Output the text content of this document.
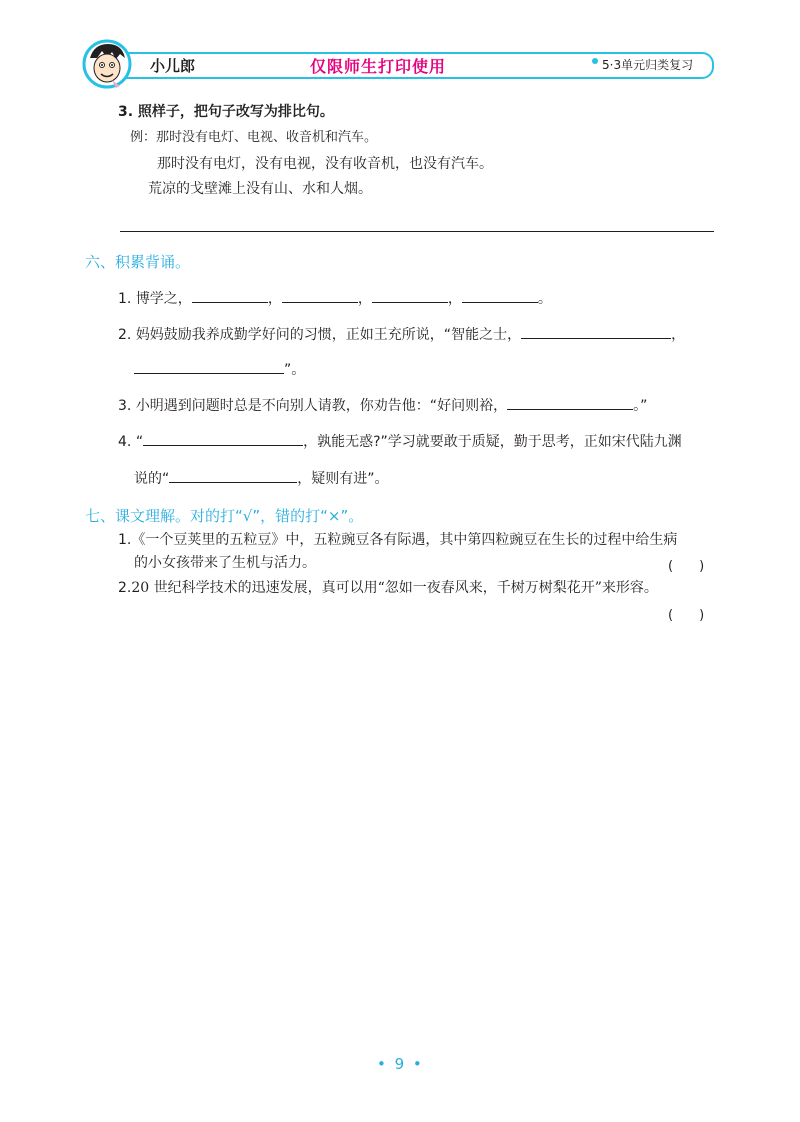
小儿郎	仅限师生打印使用	5·3单元归类复习
3. 照样子，把句子改写为排比句。
例：那时没有电灯、电视、收音机和汽车。
那时没有电灯，没有电视，没有收音机，也没有汽车。
荒凉的戈壁滩上没有山、水和人烟。
六、积累背诵。
1. 博学之，	，	，	，	。
2. 妈妈鼓励我养成勤学好问的习惯，正如王充所说，“智能之士，	，
”。
3. 小明遇到问题时总是不向别人请教，你劝告他：“好问则裕，	。”
4. “	，孰能无惑?”学习就要敢于质疑，勤于思考，正如宋代陆九渊
说的“	，疑则有进”。
七、课文理解。对的打“√”，错的打“×”。
1.《一个豆荚里的五粒豆》中，五粒豌豆各有际遇，其中第四粒豌豆在生长的过程中给生病
的小女孩带来了生机与活力。	(　　)
2.20 世纪科学技术的迅速发展，真可以用“忽如一夜春风来，千树万树梨花开”来形容。
(　　)
• 9 •
